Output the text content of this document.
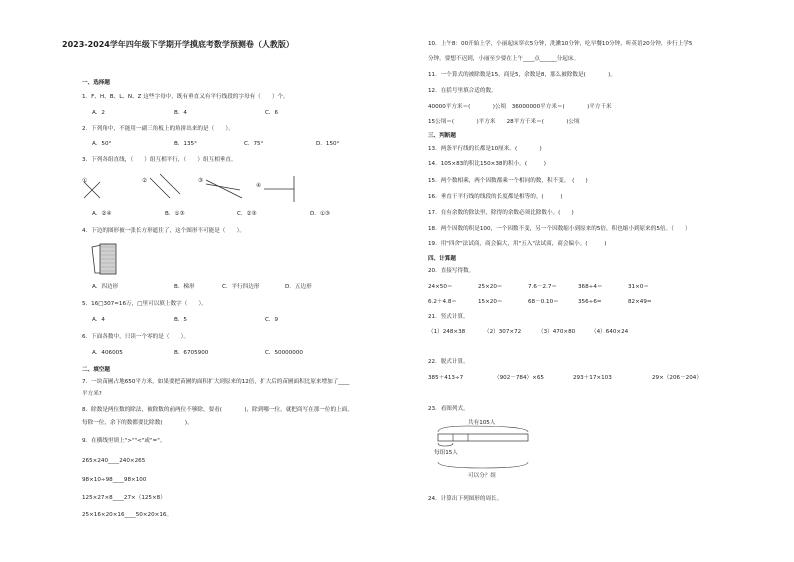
2023-2024学年四年级下学期开学摸底考数学预测卷（人教版）
一、选择题
1．F、H、B、L、N、Z 这些字母中，既有垂直又有平行线段的字母有（　　）个。
A．2	B．4	C．6
2．下列角中，不能用一副三角板上的角拼出来的是（　　）。
A．50°	B．135°	C．75°	D．150°
3．下列各组直线，（　　）组互相平行，（　　）组互相垂直。
①	②	③
④
A．②④	B．①③	C．②③	D．①③
4．下边的图形被一张长方形遮住了，这个图形不可能是（　　）。
A．四边形	B．梯形	C．平行四边形	D．五边形
5．16□307≈16万，□里可以填上数字（　　）。
A．4	B．5	C．9
6．下面各数中，只读一个零的是（　　）。
A．406005	B．6705900	C．50000000
二、填空题
7．一块苗圃占地650平方米，如果要把苗圃的面积扩大到原来的12倍，扩大后的苗圃面积比原来增加了____
平方米?
8．除数是两位数的除法，被除数的前两位不够除，要看(　　　　)，除到哪一位，就把商写在那一位的上面，
每除一位，余下的数都要比除数(　　　　)。
9．在横线里填上">""<"或"="。
265×240____240×265
98×10÷98____98×100
125×27×8____27×（125×8）
25×16×20×16____50×20×16。
10．上午8：00开始上学，小丽起床穿衣5分钟，洗漱10分钟，吃早餐10分钟，听英语20分钟，步行上学5
分钟。要想不迟到，小丽至少要在上午____点______分起床。
11．一个算式的被除数是15，商是5，余数是8，那么被除数是(　　　　)。
12．在括号里填合适的数。
40000平方米＝(　　　　)公顷　36000000平方米＝(　　　　)平方千米
15公顷＝(　　　　)平方米　　28平方千米＝(　　　　)公顷
三、判断题
13．两条平行线的长都是10厘米。(　　　　)
14．105×83的积比150×38的积小。(　　　)
15．两个数相乘，两个因数都乘一个相同的数，积不变。　(　　)
16．垂直于平行线的线段的长度都是相等的。(　　　)
17．在有余数的除法里，除得的余数必须比除数小。(　　)
18．两个因数的积是100，一个因数不变，另一个因数缩小到原来的5倍，积也缩小到原来的5倍。（　　）
19．用"四舍"法试商，商会偏大，用"五入"法试商，商会偏小。(　　　)
四、计算题
20．直接写得数。
24×50＝	25×20＝	7.6－2.7＝	368÷4＝	31×0＝
6.2＋4.8＝	15×20＝	68－0.10＝	356÷6≈	82×49≈
21．竖式计算。
（1）248×38	（2）307×72	（3）470×80	（4）640×24
22．脱式计算。
385＋413÷7	（902－784）×65	293＋17×103	29×（206－204）
23．看图列式。
共有105人
每组15人
可以分？组
24．计算出下列图形的周长。
